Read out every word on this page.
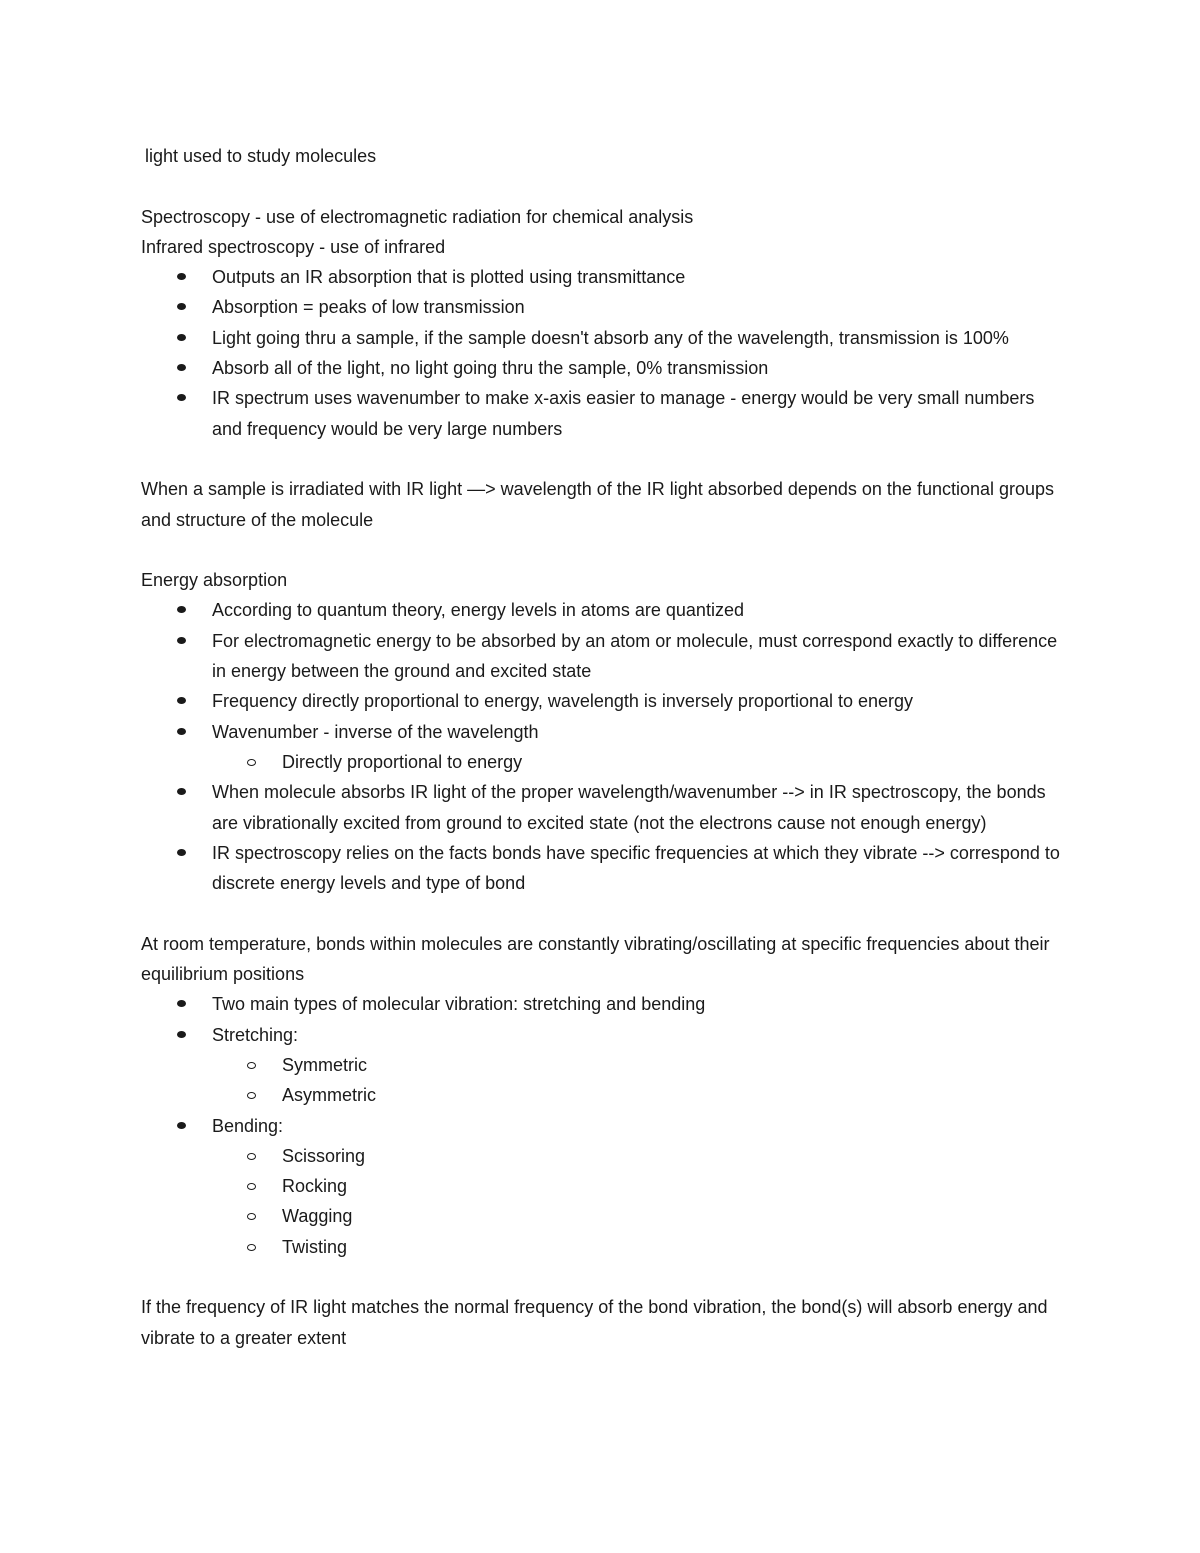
light used to study molecules

Spectroscopy - use of electromagnetic radiation for chemical analysis

Infrared spectroscopy - use of infrared

Outputs an IR absorption that is plotted using transmittance
Absorption = peaks of low transmission
Light going thru a sample, if the sample doesn't absorb any of the wavelength, transmission is 100%
Absorb all of the light, no light going thru the sample, 0% transmission
IR spectrum uses wavenumber to make x-axis easier to manage - energy would be very small numbers and frequency would be very large numbers

When a sample is irradiated with IR light —> wavelength of the IR light absorbed depends on the functional groups and structure of the molecule

Energy absorption

According to quantum theory, energy levels in atoms are quantized
For electromagnetic energy to be absorbed by an atom or molecule, must correspond exactly to difference in energy between the ground and excited state
Frequency directly proportional to energy, wavelength is inversely proportional to energy
Wavenumber - inverse of the wavelength
Directly proportional to energy
When molecule absorbs IR light of the proper wavelength/wavenumber --> in IR spectroscopy, the bonds are vibrationally excited from ground to excited state (not the electrons cause not enough energy)
IR spectroscopy relies on the facts bonds have specific frequencies at which they vibrate --> correspond to discrete energy levels and type of bond

At room temperature, bonds within molecules are constantly vibrating/oscillating at specific frequencies about their equilibrium positions

Two main types of molecular vibration: stretching and bending
Stretching:
Symmetric
Asymmetric
Bending:
Scissoring
Rocking
Wagging
Twisting

If the frequency of IR light matches the normal frequency of the bond vibration, the bond(s) will absorb energy and vibrate to a greater extent
